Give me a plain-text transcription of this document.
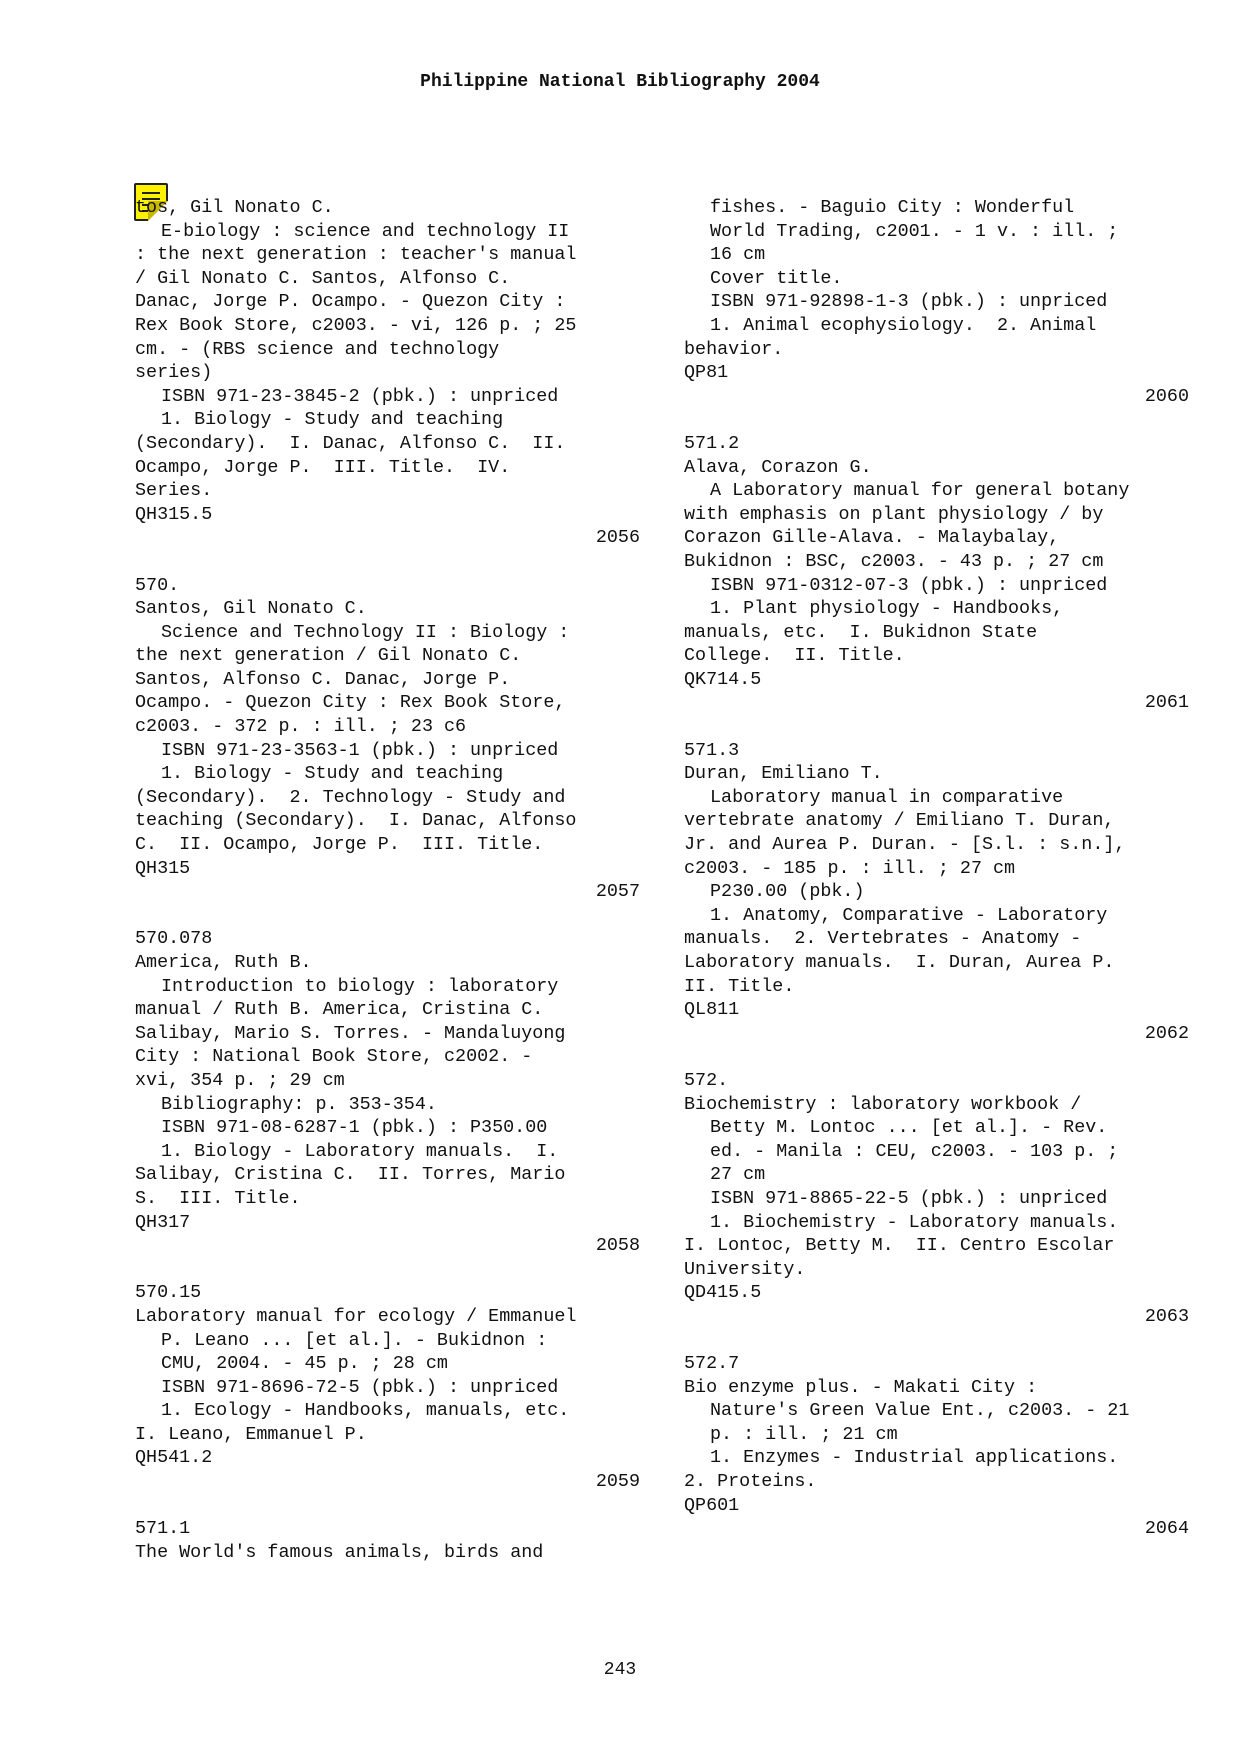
Philippine National Bibliography 2004
tos, Gil Nonato C.
E-biology : science and technology II
: the next generation : teacher's manual
/ Gil Nonato C. Santos, Alfonso C.
Danac, Jorge P. Ocampo. - Quezon City :
Rex Book Store, c2003. - vi, 126 p. ; 25
cm. - (RBS science and technology
series)
ISBN 971-23-3845-2 (pbk.) : unpriced
1. Biology - Study and teaching
(Secondary).  I. Danac, Alfonso C.  II.
Ocampo, Jorge P.  III. Title.  IV.
Series.
QH315.5
2056
570.
Santos, Gil Nonato C.
Science and Technology II : Biology :
the next generation / Gil Nonato C.
Santos, Alfonso C. Danac, Jorge P.
Ocampo. - Quezon City : Rex Book Store,
c2003. - 372 p. : ill. ; 23 c6
ISBN 971-23-3563-1 (pbk.) : unpriced
1. Biology - Study and teaching
(Secondary).  2. Technology - Study and
teaching (Secondary).  I. Danac, Alfonso
C.  II. Ocampo, Jorge P.  III. Title.
QH315
2057
570.078
America, Ruth B.
Introduction to biology : laboratory
manual / Ruth B. America, Cristina C.
Salibay, Mario S. Torres. - Mandaluyong
City : National Book Store, c2002. -
xvi, 354 p. ; 29 cm
Bibliography: p. 353-354.
ISBN 971-08-6287-1 (pbk.) : P350.00
1. Biology - Laboratory manuals.  I.
Salibay, Cristina C.  II. Torres, Mario
S.  III. Title.
QH317
2058
570.15
Laboratory manual for ecology / Emmanuel
P. Leano ... [et al.]. - Bukidnon :
CMU, 2004. - 45 p. ; 28 cm
ISBN 971-8696-72-5 (pbk.) : unpriced
1. Ecology - Handbooks, manuals, etc.
I. Leano, Emmanuel P.
QH541.2
2059
571.1
The World's famous animals, birds and
fishes. - Baguio City : Wonderful
World Trading, c2001. - 1 v. : ill. ;
16 cm
Cover title.
ISBN 971-92898-1-3 (pbk.) : unpriced
1. Animal ecophysiology.  2. Animal
behavior.
QP81
2060
571.2
Alava, Corazon G.
A Laboratory manual for general botany
with emphasis on plant physiology / by
Corazon Gille-Alava. - Malaybalay,
Bukidnon : BSC, c2003. - 43 p. ; 27 cm
ISBN 971-0312-07-3 (pbk.) : unpriced
1. Plant physiology - Handbooks,
manuals, etc.  I. Bukidnon State
College.  II. Title.
QK714.5
2061
571.3
Duran, Emiliano T.
Laboratory manual in comparative
vertebrate anatomy / Emiliano T. Duran,
Jr. and Aurea P. Duran. - [S.l. : s.n.],
c2003. - 185 p. : ill. ; 27 cm
P230.00 (pbk.)
1. Anatomy, Comparative - Laboratory
manuals.  2. Vertebrates - Anatomy -
Laboratory manuals.  I. Duran, Aurea P.
II. Title.
QL811
2062
572.
Biochemistry : laboratory workbook /
Betty M. Lontoc ... [et al.]. - Rev.
ed. - Manila : CEU, c2003. - 103 p. ;
27 cm
ISBN 971-8865-22-5 (pbk.) : unpriced
1. Biochemistry - Laboratory manuals.
I. Lontoc, Betty M.  II. Centro Escolar
University.
QD415.5
2063
572.7
Bio enzyme plus. - Makati City :
Nature's Green Value Ent., c2003. - 21
p. : ill. ; 21 cm
1. Enzymes - Industrial applications.
2. Proteins.
QP601
2064
243
